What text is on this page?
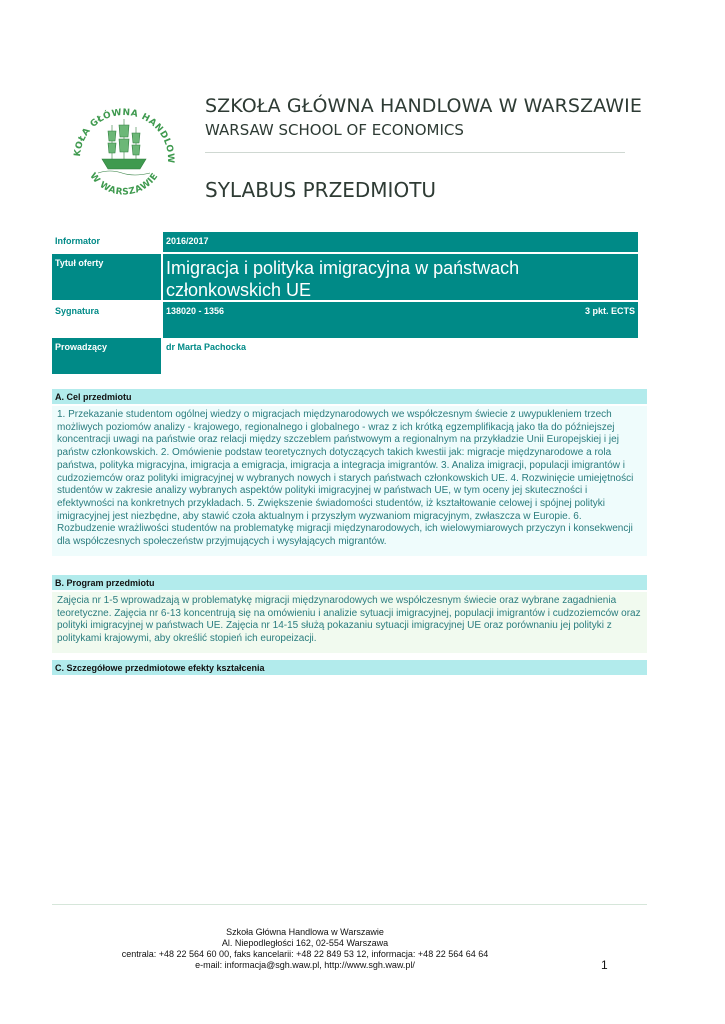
KOŁA GŁÓWNA HANDLOW
W WARSZAWIE
SZKOŁA GŁÓWNA HANDLOWA W WARSZAWIE
WARSAW SCHOOL OF ECONOMICS
SYLABUS PRZEDMIOTU
Informator	2016/2017
Tytuł oferty	Imigracja i polityka imigracyjna w państwach członkowskich UE
Sygnatura	138020 - 1356	3 pkt. ECTS
Prowadzący	dr Marta Pachocka
A. Cel przedmiotu
1. Przekazanie studentom ogólnej wiedzy o migracjach międzynarodowych we współczesnym świecie z uwypukleniem trzech możliwych poziomów analizy - krajowego, regionalnego i globalnego - wraz z ich krótką egzemplifikacją jako tła do późniejszej koncentracji uwagi na państwie oraz relacji między szczeblem państwowym a regionalnym na przykładzie Unii Europejskiej i jej państw członkowskich. 2. Omówienie podstaw teoretycznych dotyczących takich kwestii jak: migracje międzynarodowe a rola państwa, polityka migracyjna, imigracja a emigracja, imigracja a integracja imigrantów. 3. Analiza imigracji, populacji imigrantów i cudzoziemców oraz polityki imigracyjnej w wybranych nowych i starych państwach członkowskich UE. 4. Rozwinięcie umiejętności studentów w zakresie analizy wybranych aspektów polityki imigracyjnej w państwach UE, w tym oceny jej skuteczności i efektywności na konkretnych przykładach. 5. Zwiększenie świadomości studentów, iż kształtowanie celowej i spójnej polityki imigracyjnej jest niezbędne, aby stawić czoła aktualnym i przyszłym wyzwaniom migracyjnym, zwłaszcza w Europie. 6. Rozbudzenie wrażliwości studentów na problematykę migracji międzynarodowych, ich wielowymiarowych przyczyn i konsekwencji dla współczesnych społeczeństw przyjmujących i wysyłających migrantów.
B. Program przedmiotu
Zajęcia nr 1-5 wprowadzają w problematykę migracji międzynarodowych we współczesnym świecie oraz wybrane zagadnienia teoretyczne. Zajęcia nr 6-13 koncentrują się na omówieniu i analizie sytuacji imigracyjnej, populacji imigrantów i cudzoziemców oraz polityki imigracyjnej w państwach UE. Zajęcia nr 14-15 służą pokazaniu sytuacji imigracyjnej UE oraz porównaniu jej polityki z politykami krajowymi, aby określić stopień ich europeizacji.
C. Szczegółowe przedmiotowe efekty kształcenia
Szkoła Główna Handlowa w Warszawie
Al. Niepodległości 162, 02-554 Warszawa
centrala: +48 22 564 60 00, faks kancelarii: +48 22 849 53 12, informacja: +48 22 564 64 64
e-mail: informacja@sgh.waw.pl, http://www.sgh.waw.pl/	1
